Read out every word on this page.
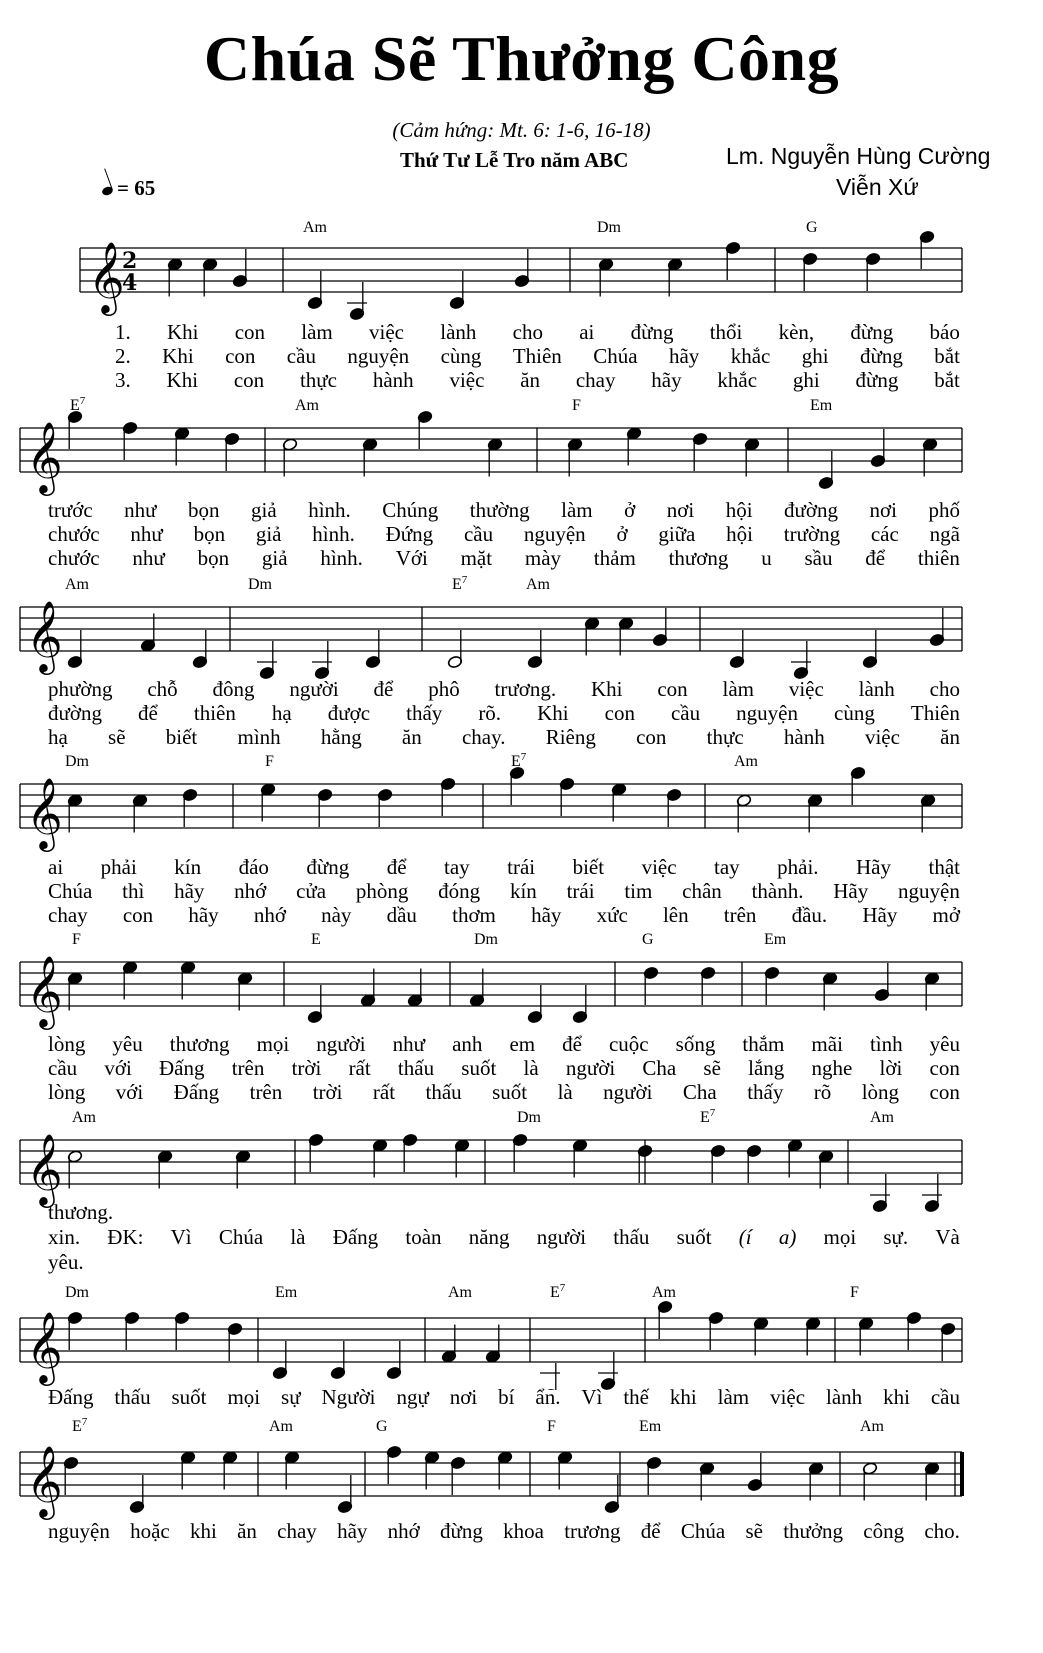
Chúa Sẽ Thưởng Công
(Cảm hứng: Mt. 6: 1-6, 16-18)
Thứ Tư Lễ Tro năm ABC	Lm. Nguyễn Hùng Cường
Viễn Xứ
= 65
𝄞
2
4
Am	Dm	G
𝄞
$E^7$	Am	F	Em
𝄞
Am	Dm	$E^7$	Am
𝄞
Dm	F	$E^7$	Am
𝄞
F	E	Dm	G	Em
𝄞
Am	Dm	$E^7$	Am
𝄞
Dm	Em	Am	$E^7$	Am	F
𝄞
$E^7$	Am	G	F	Em	Am
1. Khi con làm việc lành cho ai đừng thổi kèn, đừng báo
2. Khi con cầu nguyện cùng Thiên Chúa hãy khắc ghi đừng bắt
3. Khi con thực hành việc ăn chay hãy khắc ghi đừng bắt
trước như bọn giả hình. Chúng thường làm ở nơi hội đường nơi phố
chước như bọn giả hình. Đứng cầu nguyện ở giữa hội trường các ngã
chước như bọn giả hình. Với mặt mày thảm thương u sầu để thiên
phường chỗ đông người để phô trương. Khi con làm việc lành cho
đường để thiên hạ được thấy rõ. Khi con cầu nguyện cùng Thiên
hạ sẽ biết mình hằng ăn chay. Riêng con thực hành việc ăn
ai phải kín đáo đừng để tay trái biết việc tay phải. Hãy thật
Chúa thì hãy nhớ cửa phòng đóng kín trái tim chân thành. Hãy nguyện
chay con hãy nhớ này dầu thơm hãy xức lên trên đầu. Hãy mở
lòng yêu thương mọi người như anh em để cuộc sống thắm mãi tình yêu
cầu với Đấng trên trời rất thấu suốt là người Cha sẽ lắng nghe lời con
lòng với Đấng trên trời rất thấu suốt là người Cha thấy rõ lòng con
thương.
xin. ĐK: Vì Chúa là Đấng toàn năng người thấu suốt (í a) mọi sự. Và
yêu.
Đấng thấu suốt mọi sự Người ngự nơi bí ẩn. Vì thế khi làm việc lành khi cầu
nguyện hoặc khi ăn chay hãy nhớ đừng khoa trương để Chúa sẽ thưởng công cho.
